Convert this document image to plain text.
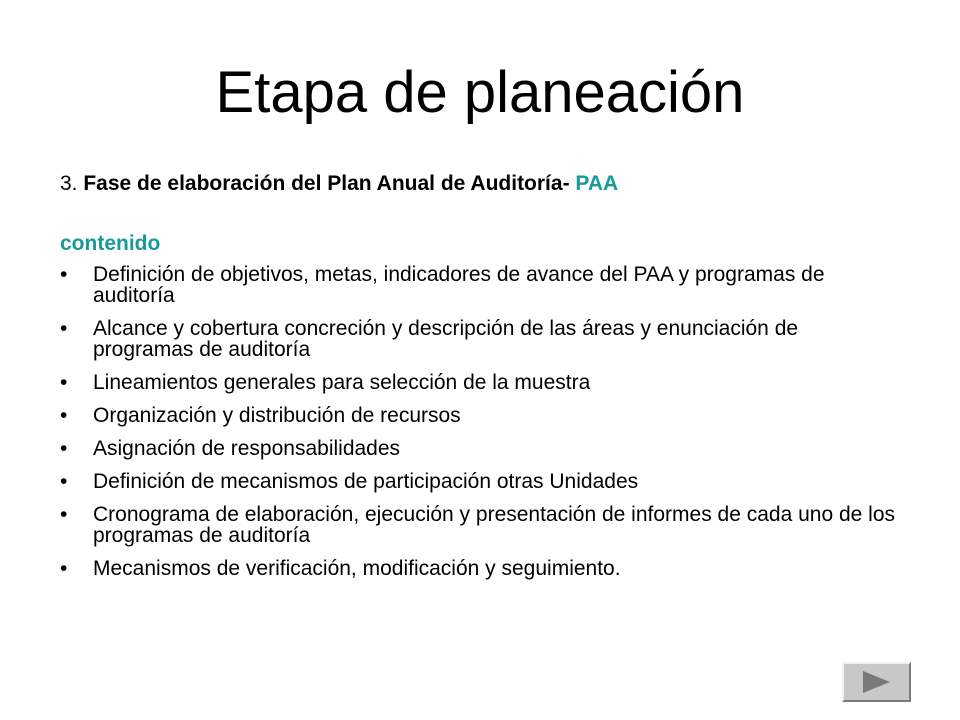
Etapa de planeación
3. Fase de elaboración del Plan Anual de Auditoría- PAA
contenido
• Definición de objetivos, metas, indicadores de avance del PAA y programas de auditoría
• Alcance y cobertura concreción y descripción de las áreas y enunciación de programas de auditoría
• Lineamientos generales para selección de la muestra
• Organización y distribución de recursos
• Asignación de responsabilidades
• Definición de mecanismos de participación otras Unidades
• Cronograma de elaboración, ejecución y presentación de informes de cada uno de los programas de auditoría
• Mecanismos de verificación, modificación y seguimiento.
